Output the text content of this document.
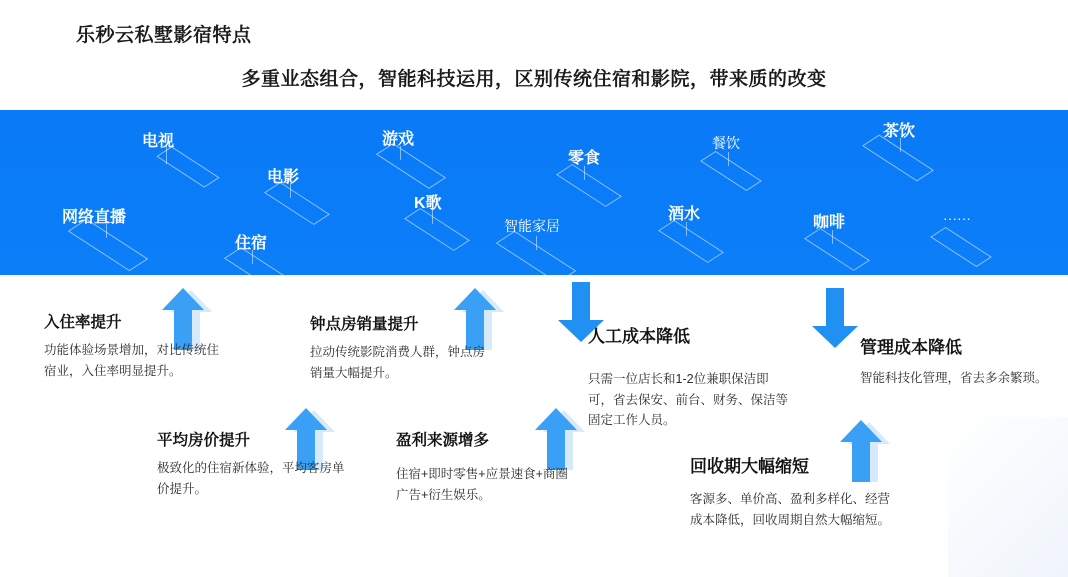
乐秒云私墅影宿特点
多重业态组合，智能科技运用，区别传统住宿和影院，带来质的改变
电视	游戏	餐饮
茶饮
电影
零食
K歌
网络直播	酒水	咖啡	······
住宿
智能家居
入住率提升
功能体验场景增加，对比传统住宿业，入住率明显提升。
钟点房销量提升
拉动传统影院消费人群，钟点房销量大幅提升。
人工成本降低
只需一位店长和1-2位兼职保洁即可，省去保安、前台、财务、保洁等固定工作人员。
管理成本降低
智能科技化管理，省去多余繁琐。
平均房价提升
极致化的住宿新体验，平均客房单价提升。
盈利来源增多
住宿+即时零售+应景速食+商圈广告+衍生娱乐。
回收期大幅缩短
客源多、单价高、盈利多样化、经营成本降低，回收周期自然大幅缩短。
